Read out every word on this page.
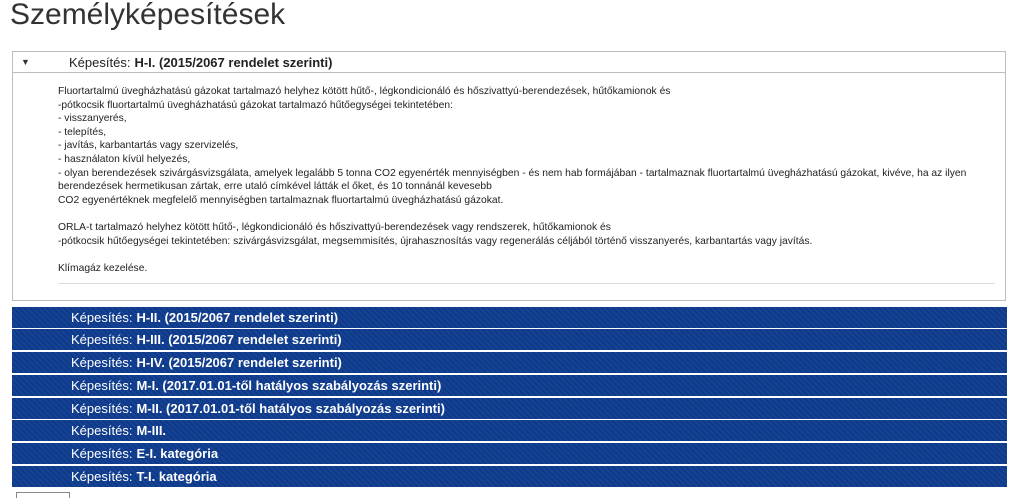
Személyképesítések
▼	Képesítés: H-I. (2015/2067 rendelet szerinti)

Fluortartalmú üvegházhatású gázokat tartalmazó helyhez kötött hűtő-, légkondicionáló és hőszivattyú-berendezések, hűtőkamionok és

-pótkocsik fluortartalmú üvegházhatású gázokat tartalmazó hűtőegységei tekintetében:

- visszanyerés,

- telepítés,

- javítás, karbantartás vagy szervizelés,

- használaton kívül helyezés,

- olyan berendezések szivárgásvizsgálata, amelyek legalább 5 tonna CO2 egyenérték mennyiségben - és nem hab formájában - tartalmaznak fluortartalmú üvegházhatású gázokat, kivéve, ha az ilyen

berendezések hermetikusan zártak, erre utaló címkével látták el őket, és 10 tonnánál kevesebb

CO2 egyenértéknek megfelelő mennyiségben tartalmaznak fluortartalmú üvegházhatású gázokat.

ORLA-t tartalmazó helyhez kötött hűtő-, légkondicionáló és hőszivattyú-berendezések vagy rendszerek, hűtőkamionok és

-pótkocsik hűtőegységei tekintetében: szivárgásvizsgálat, megsemmisítés, újrahasznosítás vagy regenerálás céljából történő visszanyerés, karbantartás vagy javítás.

Klímagáz kezelése.

Képesítés: H-II. (2015/2067 rendelet szerinti)
Képesítés: H-III. (2015/2067 rendelet szerinti)
Képesítés: H-IV. (2015/2067 rendelet szerinti)
Képesítés: M-I. (2017.01.01-től hatályos szabályozás szerinti)
Képesítés: M-II. (2017.01.01-től hatályos szabályozás szerinti)
Képesítés: M-III.
Képesítés: E-I. kategória
Képesítés: T-I. kategória
